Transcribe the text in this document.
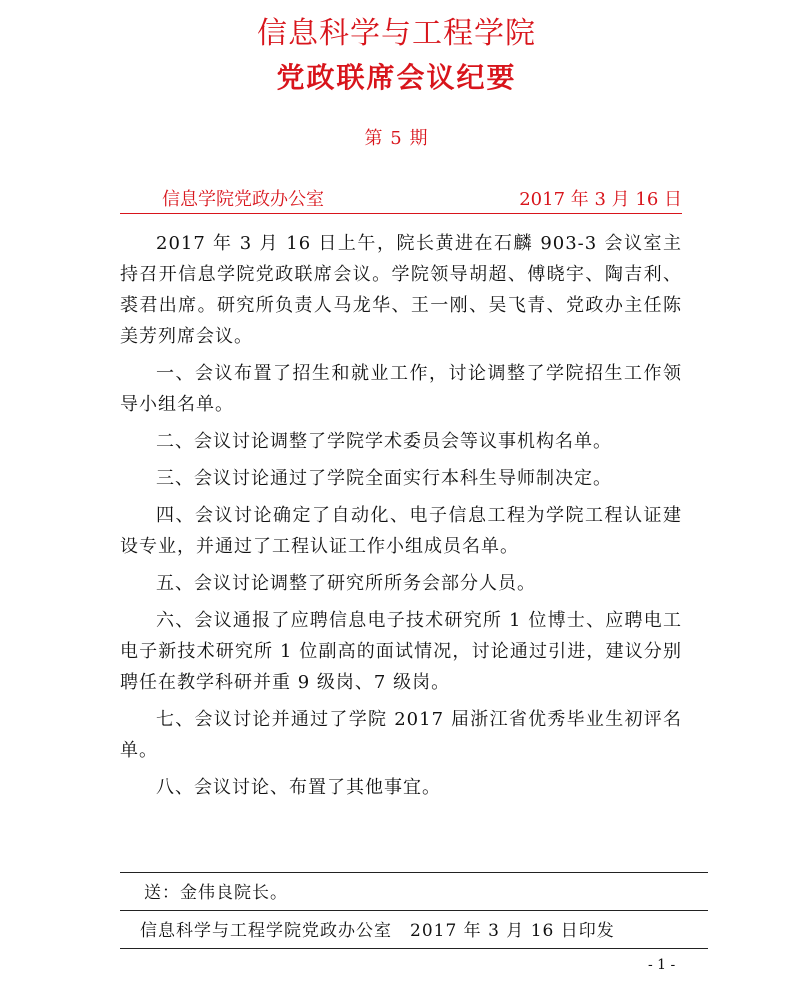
信息科学与工程学院
党政联席会议纪要
第 5 期
信息学院党政办公室	2017 年 3 月 16 日

2017 年 3 月 16 日上午，院长黄进在石麟 903-3 会议室主持召开信息学院党政联席会议。学院领导胡超、傅晓宇、陶吉利、裘君出席。研究所负责人马龙华、王一刚、吴飞青、党政办主任陈美芳列席会议。

一、会议布置了招生和就业工作，讨论调整了学院招生工作领导小组名单。

二、会议讨论调整了学院学术委员会等议事机构名单。

三、会议讨论通过了学院全面实行本科生导师制决定。

四、会议讨论确定了自动化、电子信息工程为学院工程认证建设专业，并通过了工程认证工作小组成员名单。

五、会议讨论调整了研究所所务会部分人员。

六、会议通报了应聘信息电子技术研究所 1 位博士、应聘电工电子新技术研究所 1 位副高的面试情况，讨论通过引进，建议分别聘任在教学科研并重 9 级岗、7 级岗。

七、会议讨论并通过了学院 2017 届浙江省优秀毕业生初评名单。

八、会议讨论、布置了其他事宜。

送：金伟良院长。
信息科学与工程学院党政办公室 2017 年 3 月 16 日印发
- 1 -
